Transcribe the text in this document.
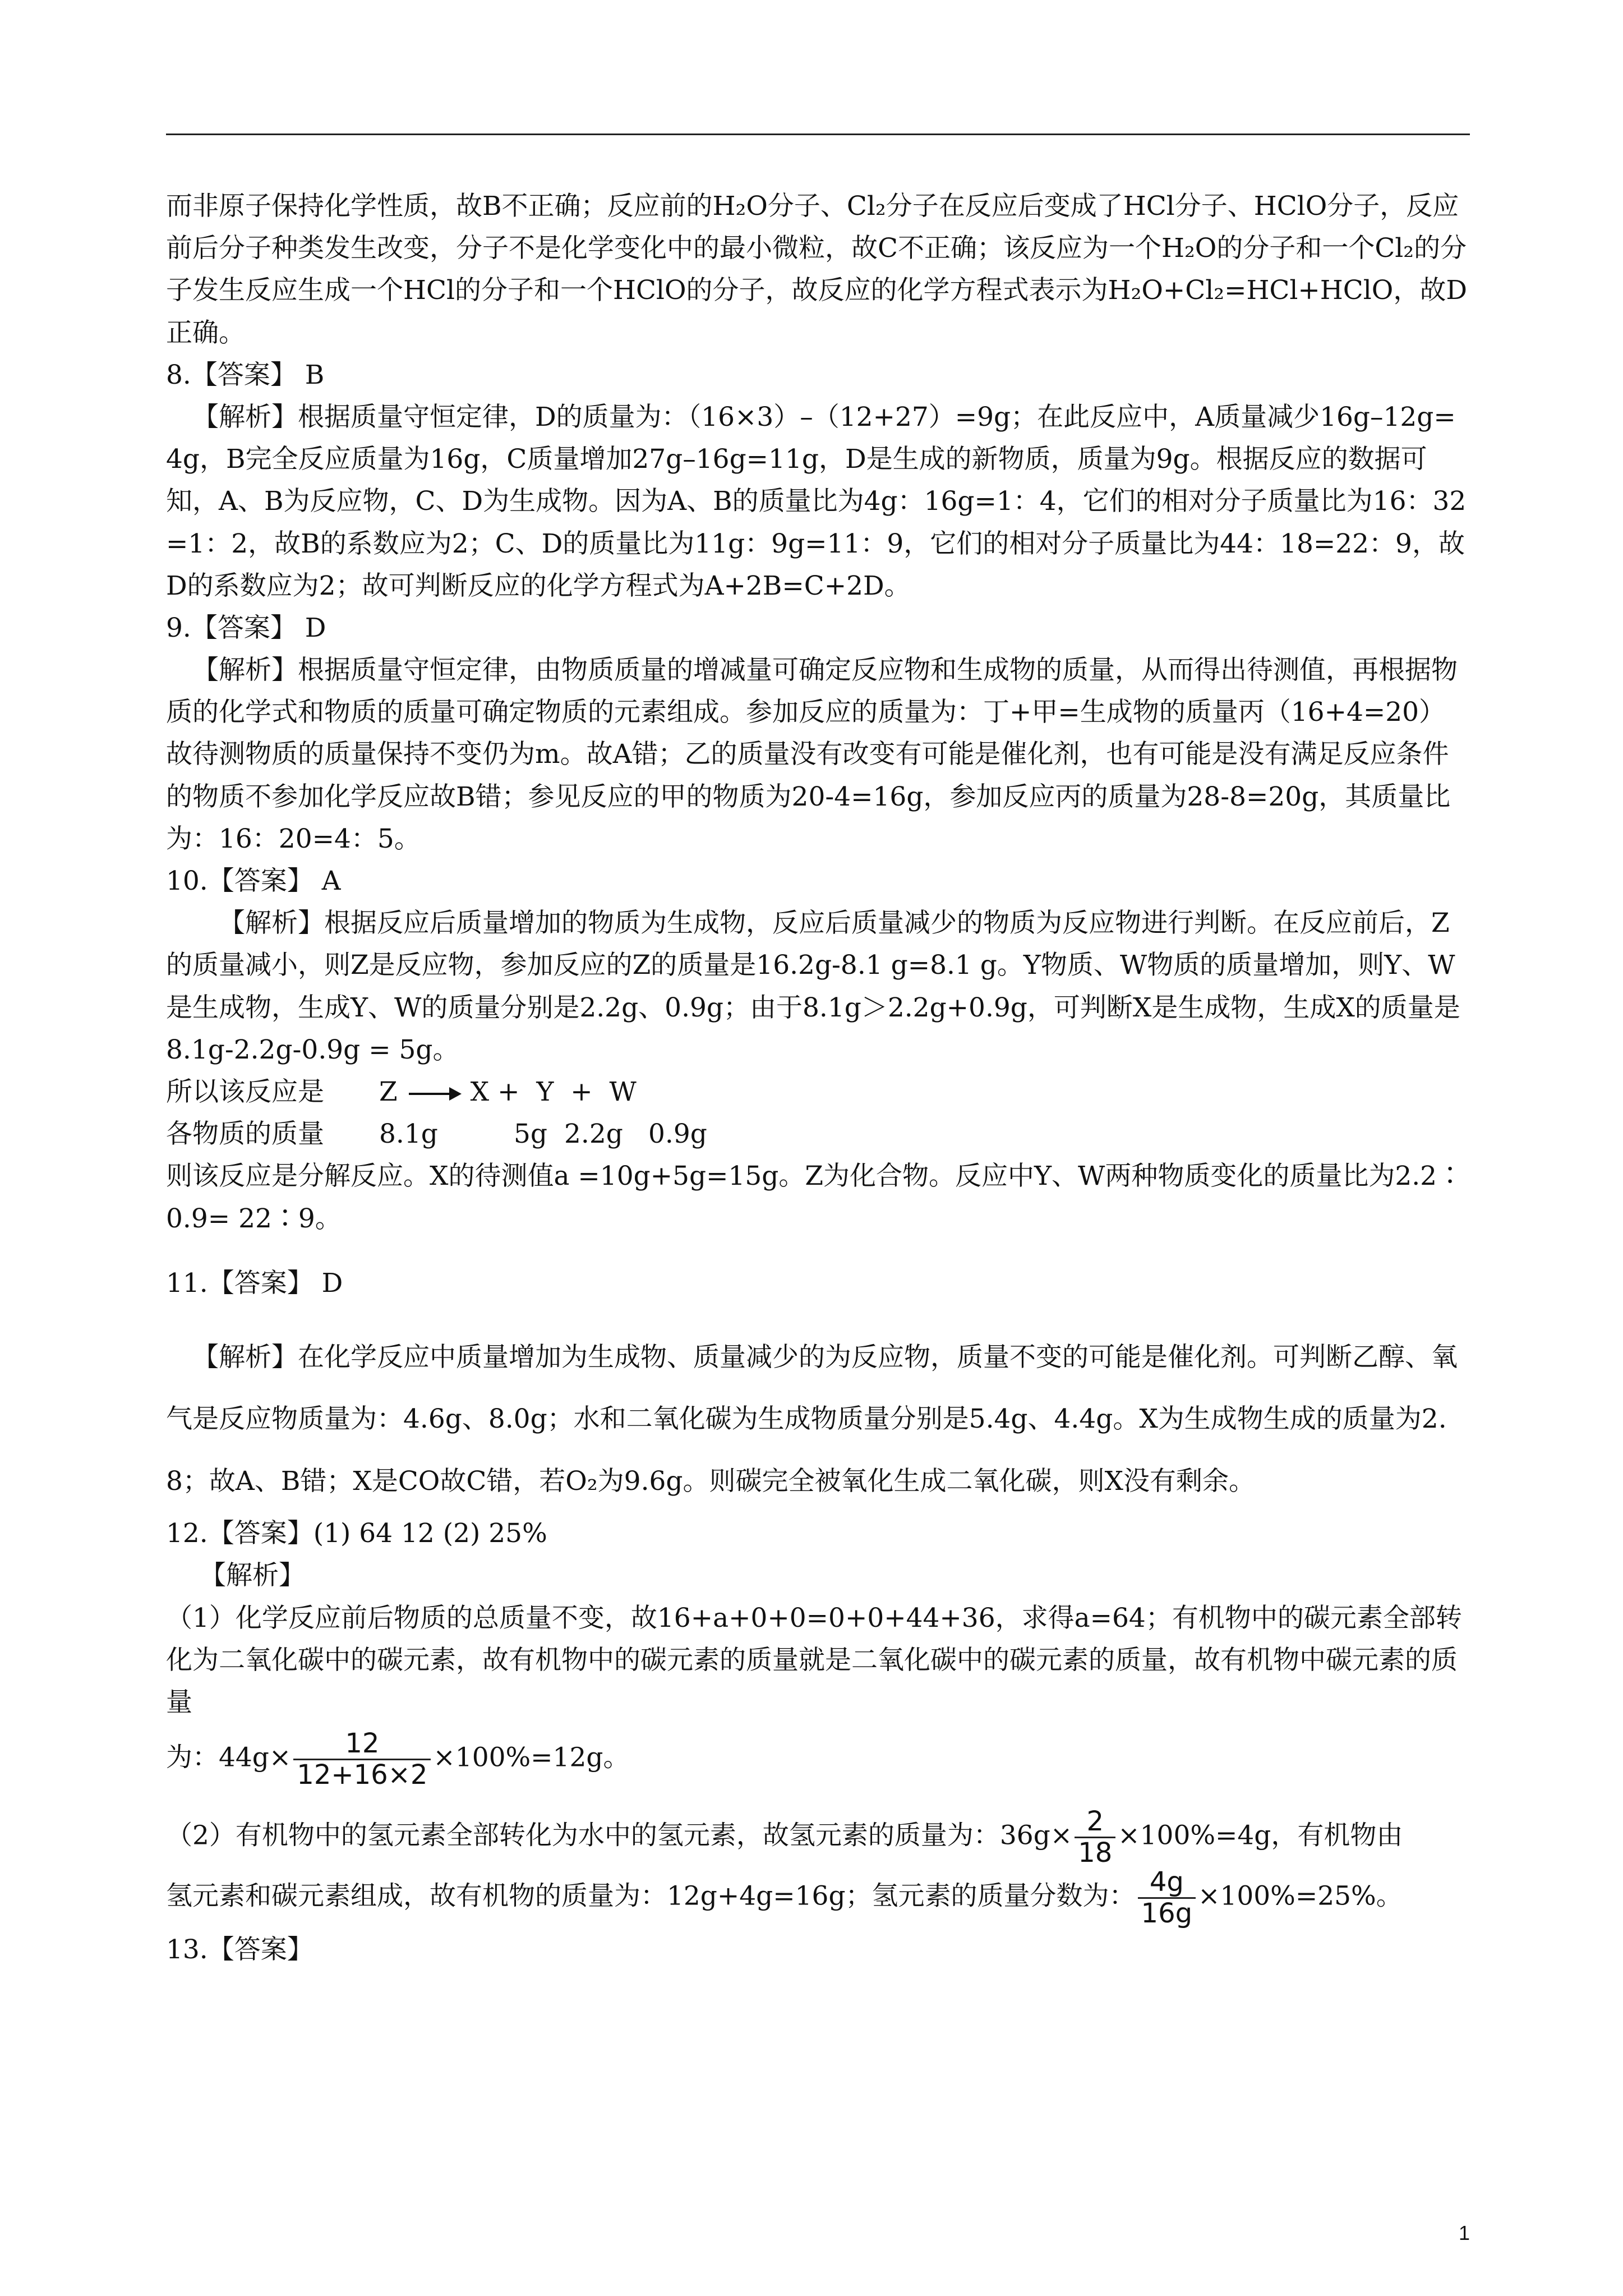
而非原子保持化学性质，故B不正确；反应前的H₂O分子、Cl₂分子在反应后变成了HCl分子、HClO分子，反应前后分子种类发生改变，分子不是化学变化中的最小微粒，故C不正确；该反应为一个H₂O的分子和一个Cl₂的分子发生反应生成一个HCl的分子和一个HClO的分子，故反应的化学方程式表示为H₂O+Cl₂=HCl+HClO，故D正确。

8.【答案】 B

【解析】根据质量守恒定律，D的质量为：（16×3）–（12+27）=9g；在此反应中，A质量减少16g–12g=4g，B完全反应质量为16g，C质量增加27g–16g=11g，D是生成的新物质，质量为9g。根据反应的数据可知，A、B为反应物，C、D为生成物。因为A、B的质量比为4g：16g=1：4，它们的相对分子质量比为16：32=1：2，故B的系数应为2；C、D的质量比为11g：9g=11：9，它们的相对分子质量比为44：18=22：9，故D的系数应为2；故可判断反应的化学方程式为A+2B=C+2D。

9.【答案】 D

【解析】根据质量守恒定律，由物质质量的增减量可确定反应物和生成物的质量，从而得出待测值，再根据物质的化学式和物质的质量可确定物质的元素组成。参加反应的质量为：丁+甲=生成物的质量丙（16+4=20）故待测物质的质量保持不变仍为m。故A错；乙的质量没有改变有可能是催化剂，也有可能是没有满足反应条件的物质不参加化学反应故B错；参见反应的甲的物质为20-4=16g，参加反应丙的质量为28-8=20g，其质量比为：16：20=4：5。

10.【答案】 A

【解析】根据反应后质量增加的物质为生成物，反应后质量减少的物质为反应物进行判断。在反应前后，Z的质量减小，则Z是反应物，参加反应的Z的质量是16.2g-8.1 g=8.1 g。Y物质、W物质的质量增加，则Y、W是生成物，生成Y、W的质量分别是2.2g、0.9g；由于8.1g＞2.2g+0.9g，可判断X是生成物，生成X的质量是8.1g-2.2g-0.9g = 5g。

所以该反应是 Z → X +  Y  +  W

各物质的质量 8.1g	5g 2.2g 0.9g

则该反应是分解反应。X的待测值a =10g+5g=15g。Z为化合物。反应中Y、W两种物质变化的质量比为2.2∶0.9= 22∶9。

11.【答案】 D

【解析】在化学反应中质量增加为生成物、质量减少的为反应物，质量不变的可能是催化剂。可判断乙醇、氧气是反应物质量为：4.6g、8.0g；水和二氧化碳为生成物质量分别是5.4g、4.4g。X为生成物生成的质量为2.8；故A、B错；X是CO故C错，若O₂为9.6g。则碳完全被氧化生成二氧化碳，则X没有剩余。

12.【答案】(1) 64 12 (2) 25%

【解析】

（1）化学反应前后物质的总质量不变，故16+a+0+0=0+0+44+36，求得a=64；有机物中的碳元素全部转化为二氧化碳中的碳元素，故有机物中的碳元素的质量就是二氧化碳中的碳元素的质量，故有机物中碳元素的质量

为：$44g\times \frac{12}{12+16\times 2} \times 100\%=12g$。

（2）有机物中的氢元素全部转化为水中的氢元素，故氢元素的质量为：$36g\times \frac{2}{18} \times 100\%=4g$，有机物由

氢元素和碳元素组成，故有机物的质量为：12g+4g=16g；氢元素的质量分数为： $\frac{4g}{16g} \times 100\%=25\%$。

13.【答案】

1
